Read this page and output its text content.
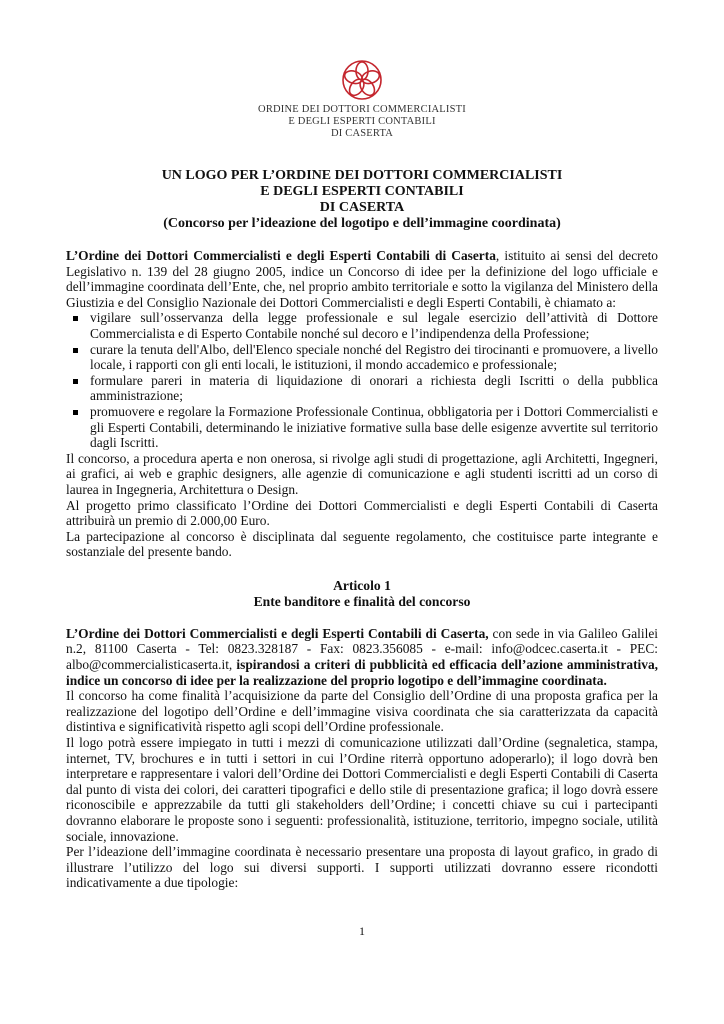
ORDINE DEI DOTTORI COMMERCIALISTI
E DEGLI ESPERTI CONTABILI
DI CASERTA
UN LOGO PER L’ORDINE DEI DOTTORI COMMERCIALISTI
E DEGLI ESPERTI CONTABILI
DI CASERTA
(Concorso per l’ideazione del logotipo e dell’immagine coordinata)

L’Ordine dei Dottori Commercialisti e degli Esperti Contabili di Caserta, istituito ai sensi del decreto Legislativo n. 139 del 28 giugno 2005, indice un Concorso di idee per la definizione del logo ufficiale e dell’immagine coordinata dell’Ente, che, nel proprio ambito territoriale e sotto la vigilanza del Ministero della Giustizia e del Consiglio Nazionale dei Dottori Commercialisti e degli Esperti Contabili, è chiamato a:

vigilare sull’osservanza della legge professionale e sul legale esercizio dell’attività di Dottore Commercialista e di Esperto Contabile nonché sul decoro e l’indipendenza della Professione;
curare la tenuta dell'Albo, dell'Elenco speciale nonché del Registro dei tirocinanti e promuovere, a livello locale, i rapporti con gli enti locali, le istituzioni, il mondo accademico e professionale;
formulare pareri in materia di liquidazione di onorari a richiesta degli Iscritti o della pubblica amministrazione;
promuovere e regolare la Formazione Professionale Continua, obbligatoria per i Dottori Commercialisti e gli Esperti Contabili, determinando le iniziative formative sulla base delle esigenze avvertite sul territorio dagli Iscritti.

Il concorso, a procedura aperta e non onerosa, si rivolge agli studi di progettazione, agli Architetti, Ingegneri, ai grafici, ai web e graphic designers, alle agenzie di comunicazione e agli studenti iscritti ad un corso di laurea in Ingegneria, Architettura o Design.

Al progetto primo classificato l’Ordine dei Dottori Commercialisti e degli Esperti Contabili di Caserta attribuirà un premio di 2.000,00 Euro.

La partecipazione al concorso è disciplinata dal seguente regolamento, che costituisce parte integrante e sostanziale del presente bando.

Articolo 1
Ente banditore e finalità del concorso

L’Ordine dei Dottori Commercialisti e degli Esperti Contabili di Caserta, con sede in via Galileo Galilei n.2, 81100 Caserta - Tel: 0823.328187 - Fax: 0823.356085 - e-mail: info@odcec.caserta.it - PEC: albo@commercialisticaserta.it, ispirandosi a criteri di pubblicità ed efficacia dell’azione amministrativa, indice un concorso di idee per la realizzazione del proprio logotipo e dell’immagine coordinata.

Il concorso ha come finalità l’acquisizione da parte del Consiglio dell’Ordine di una proposta grafica per la realizzazione del logotipo dell’Ordine e dell’immagine visiva coordinata che sia caratterizzata da capacità distintiva e significatività rispetto agli scopi dell’Ordine professionale.

Il logo potrà essere impiegato in tutti i mezzi di comunicazione utilizzati dall’Ordine (segnaletica, stampa, internet, TV, brochures e in tutti i settori in cui l’Ordine riterrà opportuno adoperarlo); il logo dovrà ben interpretare e rappresentare i valori dell’Ordine dei Dottori Commercialisti e degli Esperti Contabili di Caserta dal punto di vista dei colori, dei caratteri tipografici e dello stile di presentazione grafica; il logo dovrà essere riconoscibile e apprezzabile da tutti gli stakeholders dell’Ordine; i concetti chiave su cui i partecipanti dovranno elaborare le proposte sono i seguenti: professionalità, istituzione, territorio, impegno sociale, utilità sociale, innovazione.

Per l’ideazione dell’immagine coordinata è necessario presentare una proposta di layout grafico, in grado di illustrare l’utilizzo del logo sui diversi supporti. I supporti utilizzati dovranno essere ricondotti indicativamente a due tipologie:

1
